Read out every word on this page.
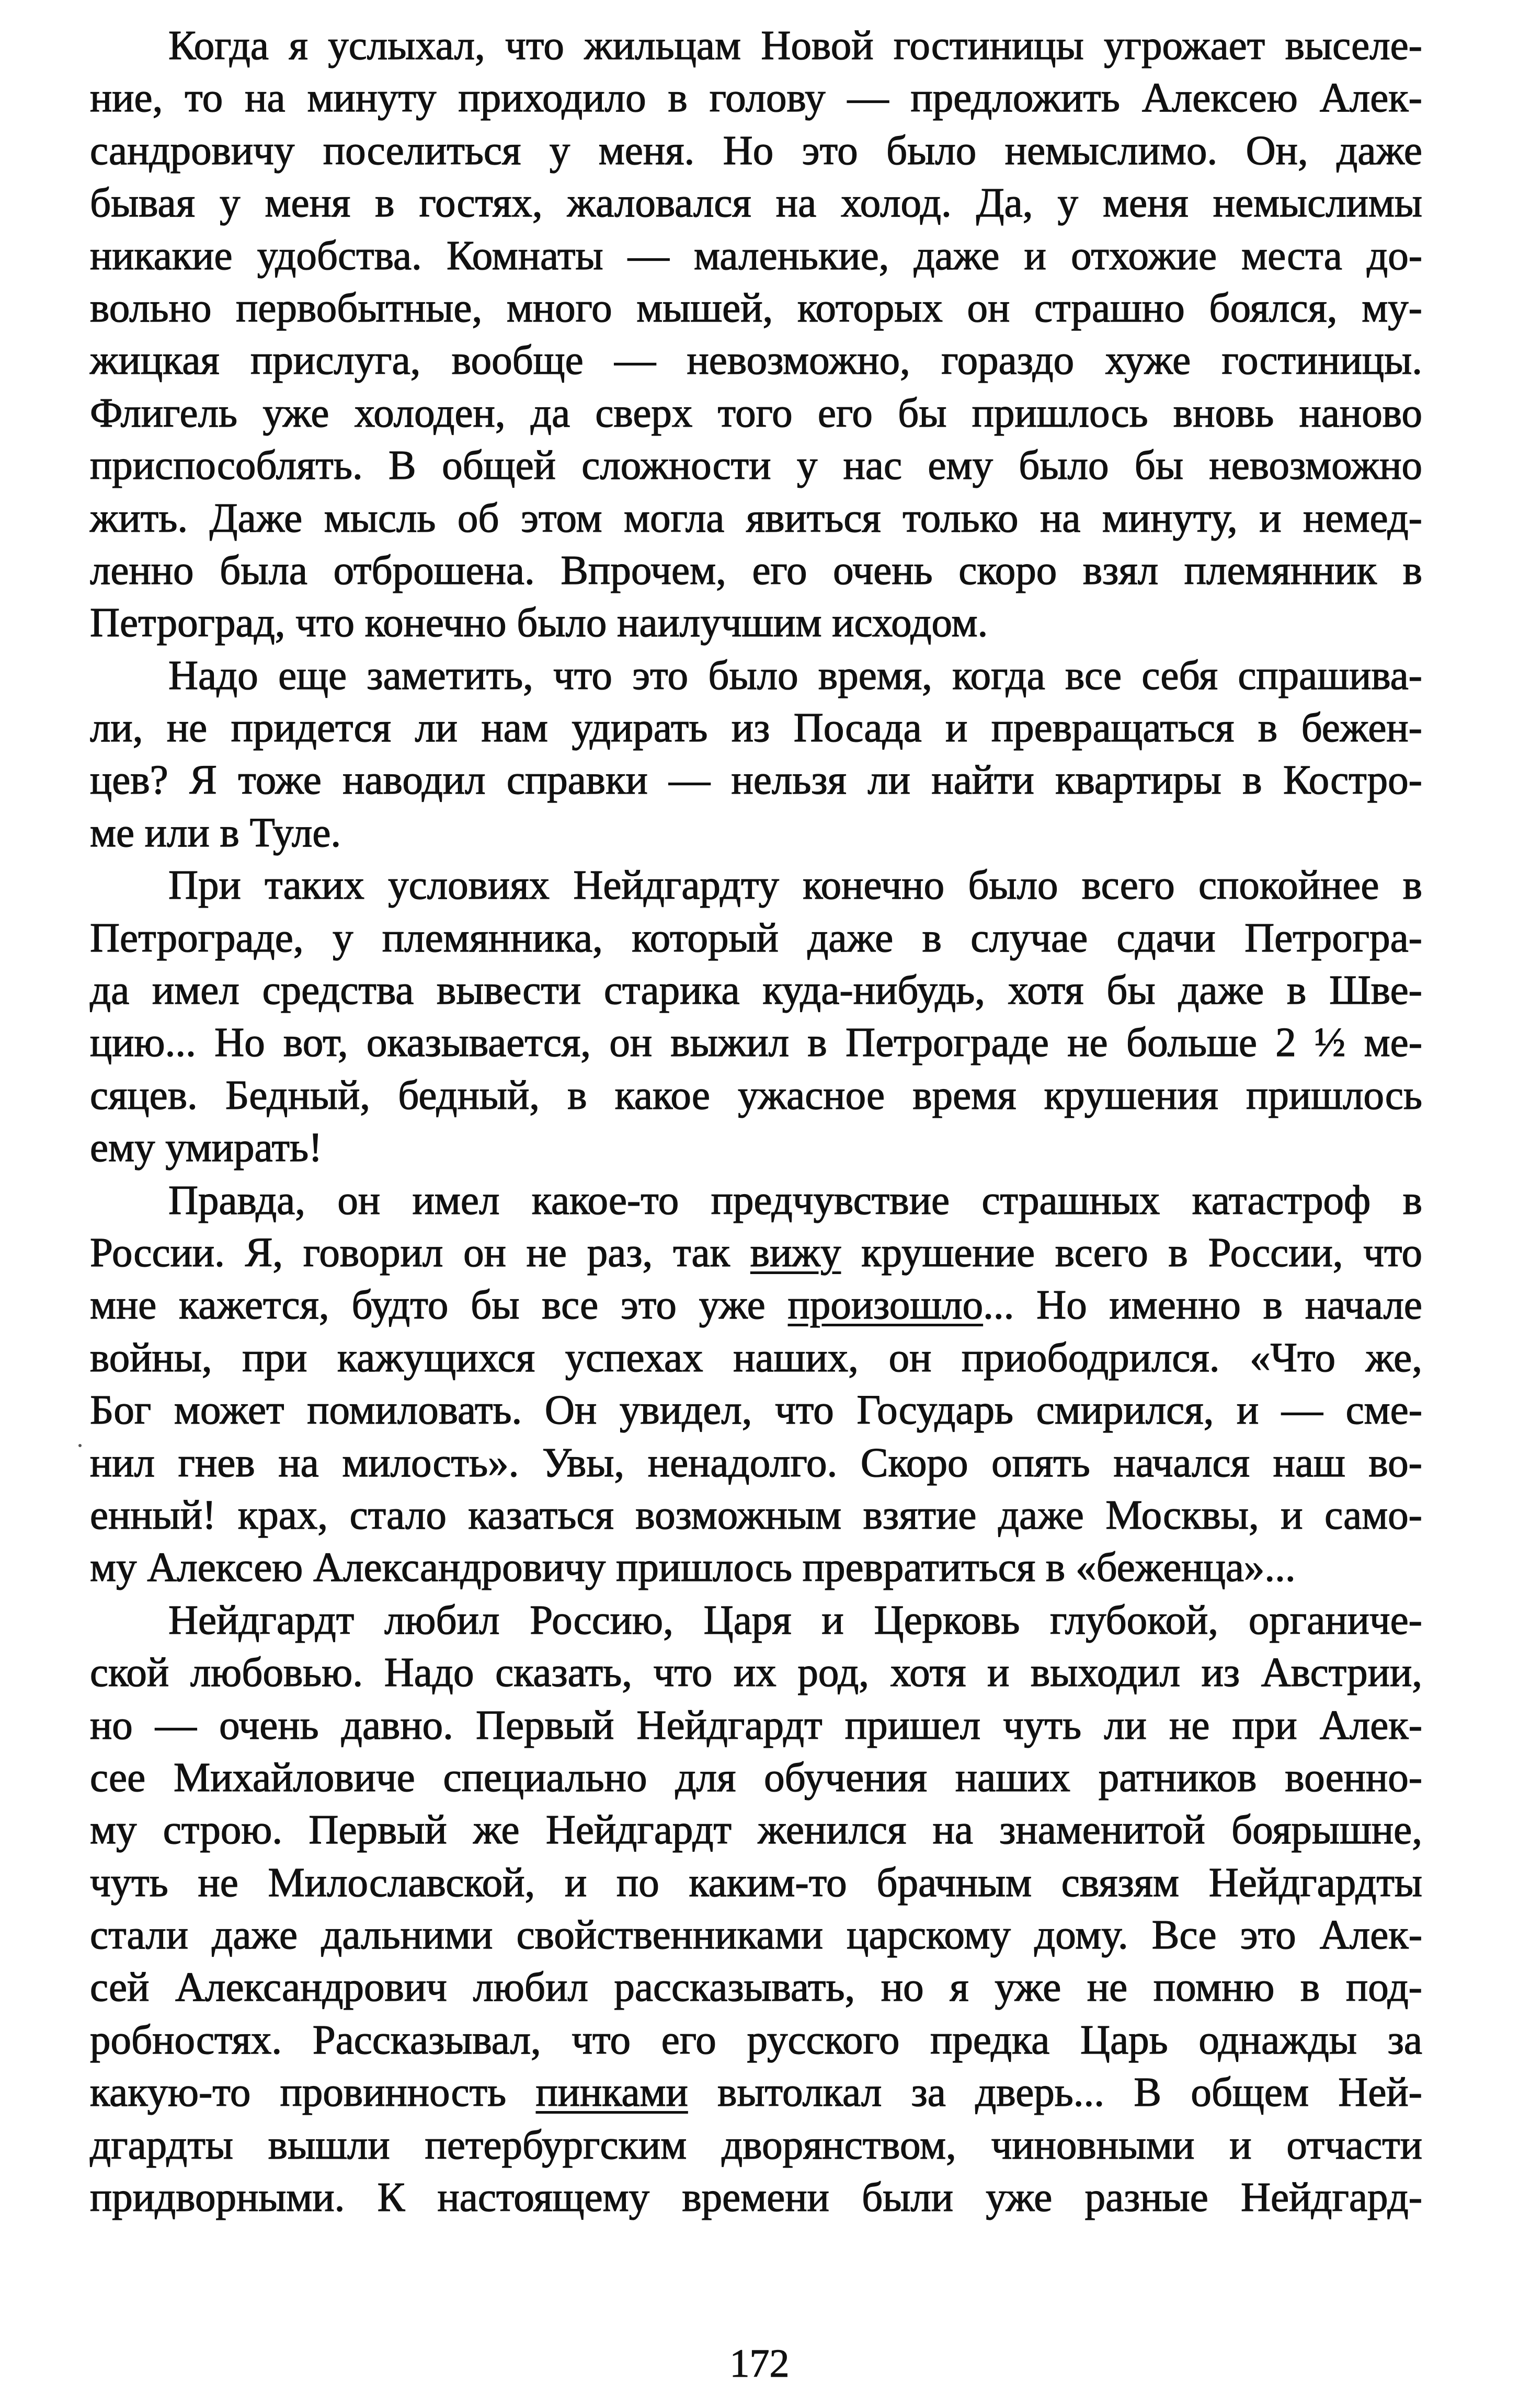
Когда я услыхал, что жильцам Новой гостиницы угрожает выселе-
ние, то на минуту приходило в голову — предложить Алексею Алек-
сандровичу поселиться у меня. Но это было немыслимо. Он, даже
бывая у меня в гостях, жаловался на холод. Да, у меня немыслимы
никакие удобства. Комнаты — маленькие, даже и отхожие места до-
вольно первобытные, много мышей, которых он страшно боялся, му-
жицкая прислуга, вообще — невозможно, гораздо хуже гостиницы.
Флигель уже холоден, да сверх того его бы пришлось вновь наново
приспособлять. В общей сложности у нас ему было бы невозможно
жить. Даже мысль об этом могла явиться только на минуту, и немед-
ленно была отброшена. Впрочем, его очень скоро взял племянник в
Петроград, что конечно было наилучшим исходом.
Надо еще заметить, что это было время, когда все себя спрашива-
ли, не придется ли нам удирать из Посада и превращаться в бежен-
цев? Я тоже наводил справки — нельзя ли найти квартиры в Костро-
ме или в Туле.
При таких условиях Нейдгардту конечно было всего спокойнее в
Петрограде, у племянника, который даже в случае сдачи Петрогра-
да имел средства вывести старика куда-нибудь, хотя бы даже в Шве-
цию... Но вот, оказывается, он выжил в Петрограде не больше 2 ½ ме-
сяцев. Бедный, бедный, в какое ужасное время крушения пришлось
ему умирать!
Правда, он имел какое-то предчувствие страшных катастроф в
России. Я, говорил он не раз, так вижу крушение всего в России, что
мне кажется, будто бы все это уже произошло... Но именно в начале
войны, при кажущихся успехах наших, он приободрился. «Что же,
Бог может помиловать. Он увидел, что Государь смирился, и — сме-
нил гнев на милость». Увы, ненадолго. Скоро опять начался наш во-
енный! крах, стало казаться возможным взятие даже Москвы, и само-
му Алексею Александровичу пришлось превратиться в «беженца»...
Нейдгардт любил Россию, Царя и Церковь глубокой, органиче-
ской любовью. Надо сказать, что их род, хотя и выходил из Австрии,
но — очень давно. Первый Нейдгардт пришел чуть ли не при Алек-
сее Михайловиче специально для обучения наших ратников военно-
му строю. Первый же Нейдгардт женился на знаменитой боярышне,
чуть не Милославской, и по каким-то брачным связям Нейдгардты
стали даже дальними свойственниками царскому дому. Все это Алек-
сей Александрович любил рассказывать, но я уже не помню в под-
робностях. Рассказывал, что его русского предка Царь однажды за
какую-то провинность пинками вытолкал за дверь... В общем Ней-
дгардты вышли петербургским дворянством, чиновными и отчасти
придворными. К настоящему времени были уже разные Нейдгард-
172
